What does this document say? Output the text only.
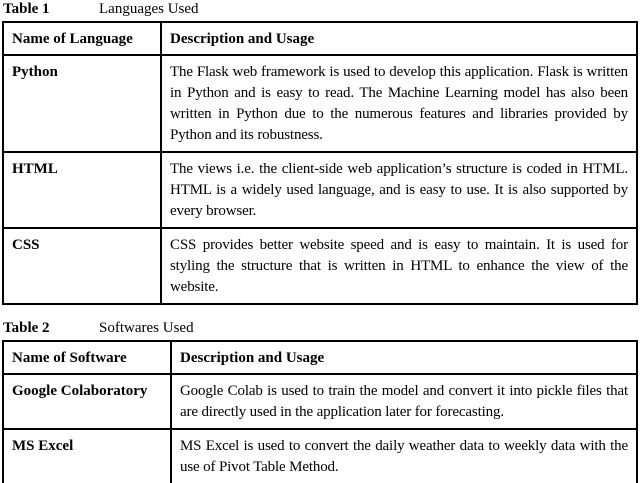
Table 1	Languages Used
Name of Language	Description and Usage
Python	The Flask web framework is used to develop this application. Flask is written in Python and is easy to read. The Machine Learning model has also been written in Python due to the numerous features and libraries provided by Python and its robustness.
HTML	The views i.e. the client-side web application’s structure is coded in HTML. HTML is a widely used language, and is easy to use. It is also supported by every browser.
CSS	CSS provides better website speed and is easy to maintain. It is used for styling the structure that is written in HTML to enhance the view of the website.
Table 2	Softwares Used
Name of Software	Description and Usage
Google Colaboratory	Google Colab is used to train the model and convert it into pickle files that are directly used in the application later for forecasting.
MS Excel	MS Excel is used to convert the daily weather data to weekly data with the use of Pivot Table Method.
